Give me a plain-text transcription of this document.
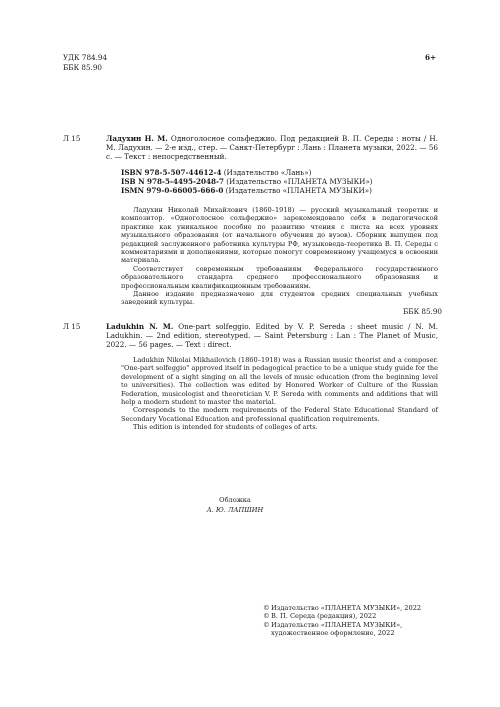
УДК 784.94
ББК 85.90
6+
Л 15	Ладухин Н. М. Одноголосное сольфеджио. Под редакцией В. П. Середы : ноты / Н. М. Ладухин. — 2-е изд., стер. — Санкт-Петербург : Лань : Планета музыки, 2022. — 56 с. — Текст : непосредственный.
ISBN
978-5-507-44612-4
(Издательство «Лань»)
ISB N
978-5-4495-2048-7
(Издательство «ПЛАНЕТА МУЗЫКИ»)
ISMN
979-0-66005-666-0
(Издательство «ПЛАНЕТА МУЗЫКИ»)

Ладухин Николай Михайлович (1860–1918) — русский музыкальный теоретик и композитор. «Одноголосное сольфеджио» зарекомендовало себя в педагогической практике как уникальное пособие по развитию чтения с листа на всех уровнях музыкального образования (от начального обучения до вузов). Сборник выпущен под редакцией заслуженного работника культуры РФ, музыковеда-теоретика В. П. Середы с комментариями и дополнениями, которые помогут современному учащемуся в освоении материала.

Соответствует современным требованиям Федерального государственного образовательного стандарта среднего профессионального образования и профессиональным квалификационным требованиям.

Данное издание предназначено для студентов средних специальных учебных заведений культуры.

ББК 85.90
Л 15	Ladukhin N. M. One-part solfeggio. Edited by V. P. Sereda : sheet music / N. M. Ladukhin. — 2nd edition, stereotyped. — Saint Petersburg : Lan : The Planet of Music, 2022. — 56 pages. — Text : direct.

Ladukhin Nikolai Mikhailovich (1860–1918) was a Russian music theorist and a composer. "One-part solfeggio" approved itself in pedagogical practice to be a unique study guide for the development of a sight singing on all the levels of music education (from the beginning level to universities). The collection was edited by Honored Worker of Culture of the Russian Federation, musicologist and theoretician V. P. Sereda with comments and additions that will help a modern student to master the material.

Corresponds to the modern requirements of the Federal State Educational Standard of Secondary Vocational Education and professional qualification requirements.

This edition is intended for students of colleges of arts.

Обложка
А. Ю. ЛАПШИН
© Издательство «ПЛАНЕТА МУЗЫКИ», 2022
© В. П. Середа (редакция), 2022
© Издательство «ПЛАНЕТА МУЗЫКИ», художественное оформление, 2022
